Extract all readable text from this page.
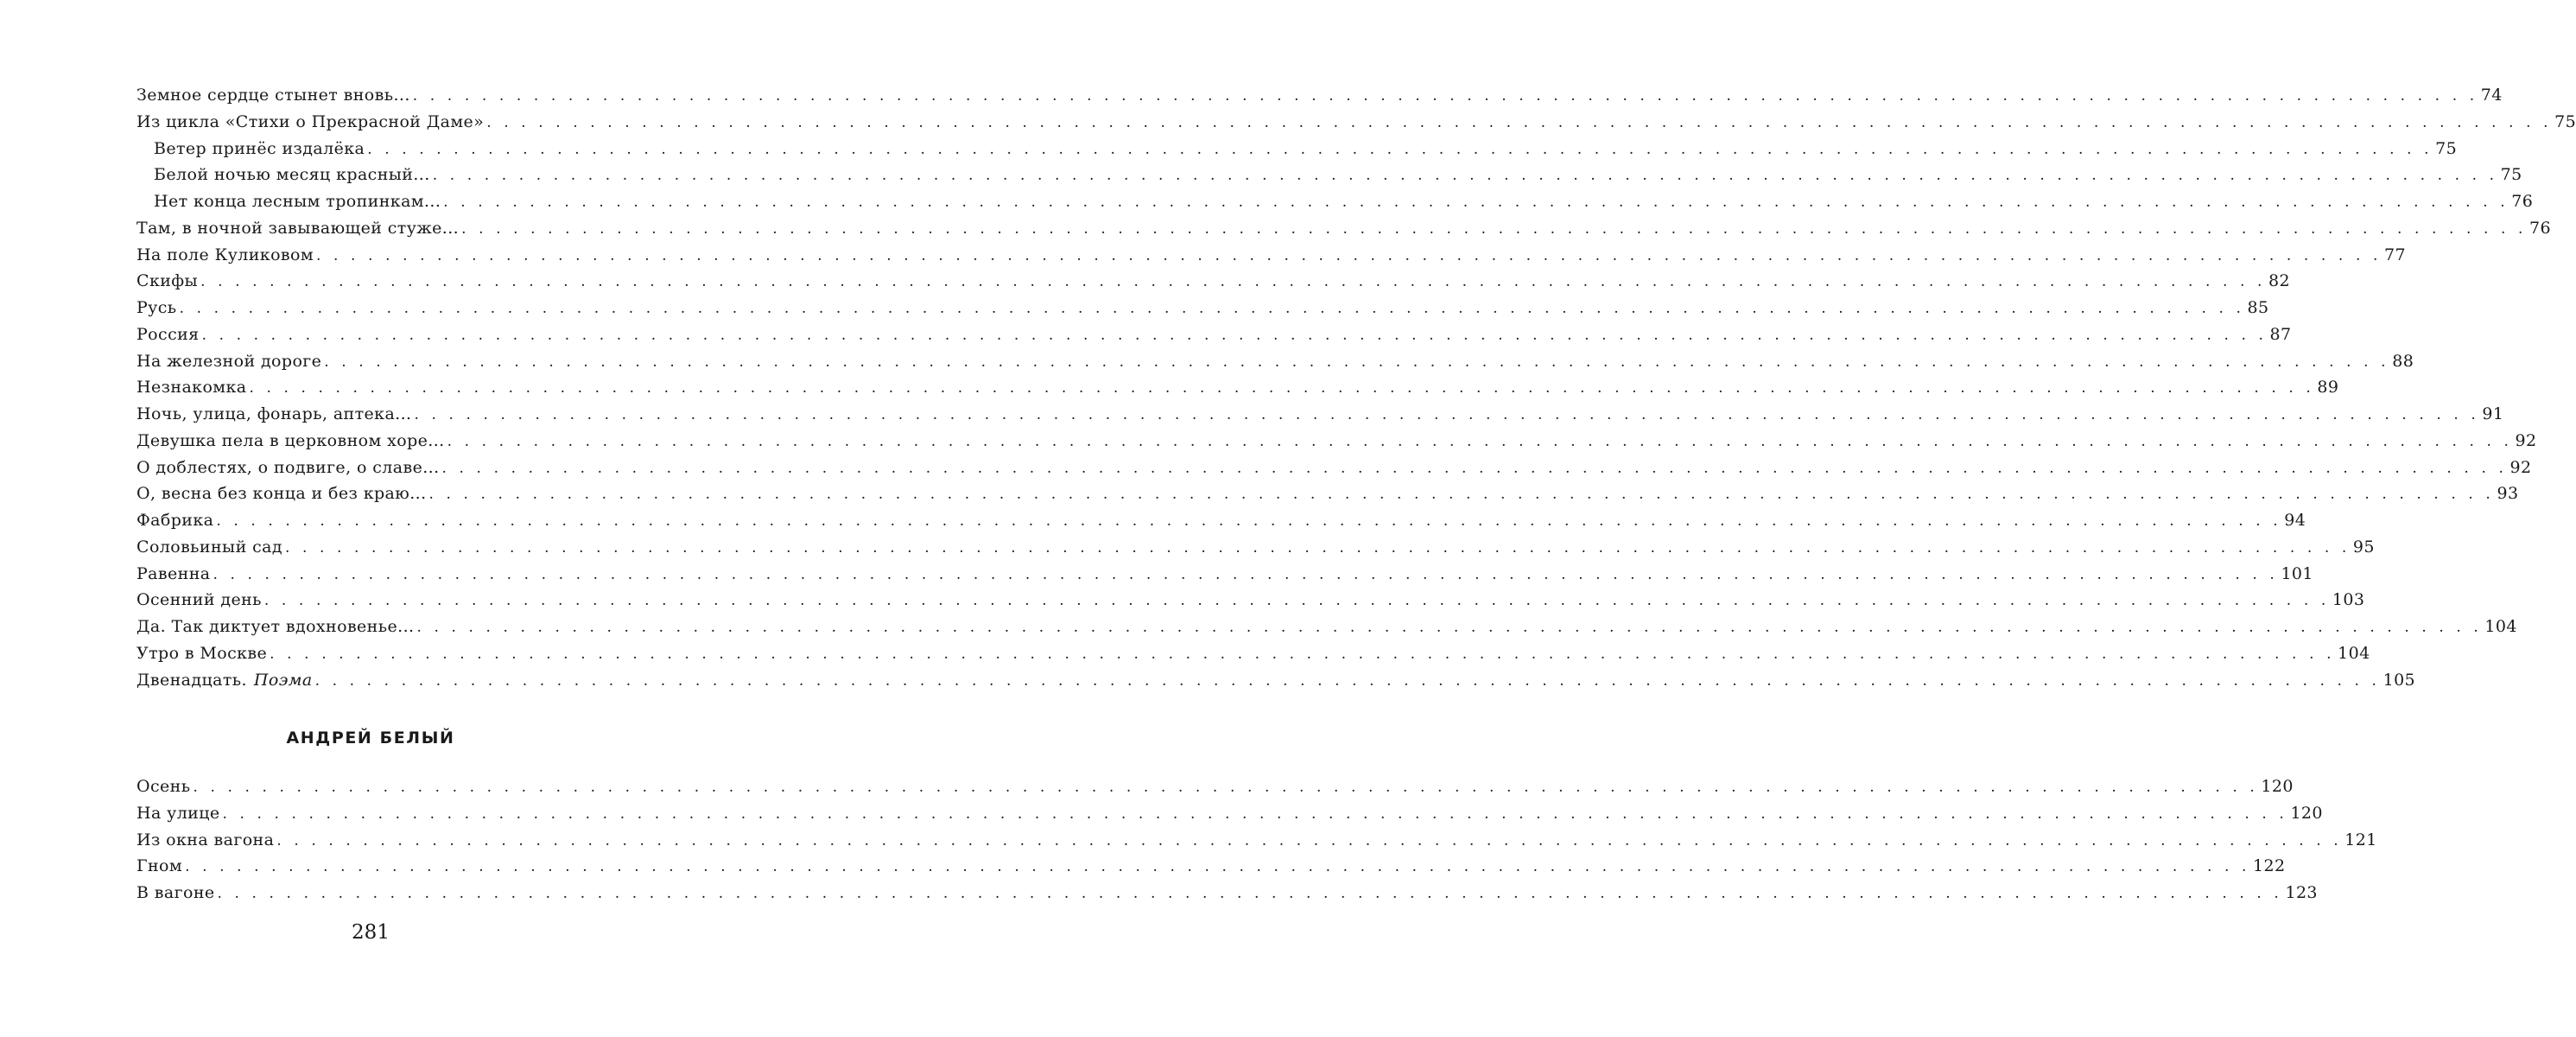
Земное сердце стынет вновь... . . . . . . . . . . . . . . . . . . . . . . . . . . . . . . . . . . . . . . . . . . . . . . . . . . . . . . . . . . . . . . . . . . . . . . . . . . . . . . . . . . . . . . . . . . . . . . . . . . . . . . . . . . . . . . . . . . . . . . . . 74
Из цикла «Стихи о Прекрасной Даме» . . . . . . . . . . . . . . . . . . . . . . . . . . . . . . . . . . . . . . . . . . . . . . . . . . . . . . . . . . . . . . . . . . . . . . . . . . . . . . . . . . . . . . . . . . . . . . . . . . . . . . . . . . . . . . . . . . . . . . . . 75
Ветер принёс издалёка . . . . . . . . . . . . . . . . . . . . . . . . . . . . . . . . . . . . . . . . . . . . . . . . . . . . . . . . . . . . . . . . . . . . . . . . . . . . . . . . . . . . . . . . . . . . . . . . . . . . . . . . . . . . . . . . . . . . . . . . 75
Белой ночью месяц красный... . . . . . . . . . . . . . . . . . . . . . . . . . . . . . . . . . . . . . . . . . . . . . . . . . . . . . . . . . . . . . . . . . . . . . . . . . . . . . . . . . . . . . . . . . . . . . . . . . . . . . . . . . . . . . . . . . . . . . . . . 75
Нет конца лесным тропинкам... . . . . . . . . . . . . . . . . . . . . . . . . . . . . . . . . . . . . . . . . . . . . . . . . . . . . . . . . . . . . . . . . . . . . . . . . . . . . . . . . . . . . . . . . . . . . . . . . . . . . . . . . . . . . . . . . . . . . . . . . 76
Там, в ночной завывающей стуже... . . . . . . . . . . . . . . . . . . . . . . . . . . . . . . . . . . . . . . . . . . . . . . . . . . . . . . . . . . . . . . . . . . . . . . . . . . . . . . . . . . . . . . . . . . . . . . . . . . . . . . . . . . . . . . . . . . . . . . . . 76
На поле Куликовом . . . . . . . . . . . . . . . . . . . . . . . . . . . . . . . . . . . . . . . . . . . . . . . . . . . . . . . . . . . . . . . . . . . . . . . . . . . . . . . . . . . . . . . . . . . . . . . . . . . . . . . . . . . . . . . . . . . . . . . . 77
Скифы . . . . . . . . . . . . . . . . . . . . . . . . . . . . . . . . . . . . . . . . . . . . . . . . . . . . . . . . . . . . . . . . . . . . . . . . . . . . . . . . . . . . . . . . . . . . . . . . . . . . . . . . . . . . . . . . . . . . . . . . 82
Русь . . . . . . . . . . . . . . . . . . . . . . . . . . . . . . . . . . . . . . . . . . . . . . . . . . . . . . . . . . . . . . . . . . . . . . . . . . . . . . . . . . . . . . . . . . . . . . . . . . . . . . . . . . . . . . . . . . . . . . . . 85
Россия . . . . . . . . . . . . . . . . . . . . . . . . . . . . . . . . . . . . . . . . . . . . . . . . . . . . . . . . . . . . . . . . . . . . . . . . . . . . . . . . . . . . . . . . . . . . . . . . . . . . . . . . . . . . . . . . . . . . . . . . 87
На железной дороге . . . . . . . . . . . . . . . . . . . . . . . . . . . . . . . . . . . . . . . . . . . . . . . . . . . . . . . . . . . . . . . . . . . . . . . . . . . . . . . . . . . . . . . . . . . . . . . . . . . . . . . . . . . . . . . . . . . . . . . . 88
Незнакомка . . . . . . . . . . . . . . . . . . . . . . . . . . . . . . . . . . . . . . . . . . . . . . . . . . . . . . . . . . . . . . . . . . . . . . . . . . . . . . . . . . . . . . . . . . . . . . . . . . . . . . . . . . . . . . . . . . . . . . . . 89
Ночь, улица, фонарь, аптека... . . . . . . . . . . . . . . . . . . . . . . . . . . . . . . . . . . . . . . . . . . . . . . . . . . . . . . . . . . . . . . . . . . . . . . . . . . . . . . . . . . . . . . . . . . . . . . . . . . . . . . . . . . . . . . . . . . . . . . . . 91
Девушка пела в церковном хоре... . . . . . . . . . . . . . . . . . . . . . . . . . . . . . . . . . . . . . . . . . . . . . . . . . . . . . . . . . . . . . . . . . . . . . . . . . . . . . . . . . . . . . . . . . . . . . . . . . . . . . . . . . . . . . . . . . . . . . . . . 92
О доблестях, о подвиге, о славе... . . . . . . . . . . . . . . . . . . . . . . . . . . . . . . . . . . . . . . . . . . . . . . . . . . . . . . . . . . . . . . . . . . . . . . . . . . . . . . . . . . . . . . . . . . . . . . . . . . . . . . . . . . . . . . . . . . . . . . . . 92
О, весна без конца и без краю... . . . . . . . . . . . . . . . . . . . . . . . . . . . . . . . . . . . . . . . . . . . . . . . . . . . . . . . . . . . . . . . . . . . . . . . . . . . . . . . . . . . . . . . . . . . . . . . . . . . . . . . . . . . . . . . . . . . . . . . . 93
Фабрика . . . . . . . . . . . . . . . . . . . . . . . . . . . . . . . . . . . . . . . . . . . . . . . . . . . . . . . . . . . . . . . . . . . . . . . . . . . . . . . . . . . . . . . . . . . . . . . . . . . . . . . . . . . . . . . . . . . . . . . . 94
Соловьиный сад . . . . . . . . . . . . . . . . . . . . . . . . . . . . . . . . . . . . . . . . . . . . . . . . . . . . . . . . . . . . . . . . . . . . . . . . . . . . . . . . . . . . . . . . . . . . . . . . . . . . . . . . . . . . . . . . . . . . . . . . 95
Равенна . . . . . . . . . . . . . . . . . . . . . . . . . . . . . . . . . . . . . . . . . . . . . . . . . . . . . . . . . . . . . . . . . . . . . . . . . . . . . . . . . . . . . . . . . . . . . . . . . . . . . . . . . . . . . . . . . . . . . . . . 101
Осенний день . . . . . . . . . . . . . . . . . . . . . . . . . . . . . . . . . . . . . . . . . . . . . . . . . . . . . . . . . . . . . . . . . . . . . . . . . . . . . . . . . . . . . . . . . . . . . . . . . . . . . . . . . . . . . . . . . . . . . . . . 103
Да. Так диктует вдохновенье... . . . . . . . . . . . . . . . . . . . . . . . . . . . . . . . . . . . . . . . . . . . . . . . . . . . . . . . . . . . . . . . . . . . . . . . . . . . . . . . . . . . . . . . . . . . . . . . . . . . . . . . . . . . . . . . . . . . . . . . . 104
Утро в Москве . . . . . . . . . . . . . . . . . . . . . . . . . . . . . . . . . . . . . . . . . . . . . . . . . . . . . . . . . . . . . . . . . . . . . . . . . . . . . . . . . . . . . . . . . . . . . . . . . . . . . . . . . . . . . . . . . . . . . . . . 104
Двенадцать. Поэма . . . . . . . . . . . . . . . . . . . . . . . . . . . . . . . . . . . . . . . . . . . . . . . . . . . . . . . . . . . . . . . . . . . . . . . . . . . . . . . . . . . . . . . . . . . . . . . . . . . . . . . . . . . . . . . . . . . . . . . . 105
АНДРЕЙ БЕЛЫЙ
Осень . . . . . . . . . . . . . . . . . . . . . . . . . . . . . . . . . . . . . . . . . . . . . . . . . . . . . . . . . . . . . . . . . . . . . . . . . . . . . . . . . . . . . . . . . . . . . . . . . . . . . . . . . . . . . . . . . . . . . . . . 120
На улице . . . . . . . . . . . . . . . . . . . . . . . . . . . . . . . . . . . . . . . . . . . . . . . . . . . . . . . . . . . . . . . . . . . . . . . . . . . . . . . . . . . . . . . . . . . . . . . . . . . . . . . . . . . . . . . . . . . . . . . . 120
Из окна вагона . . . . . . . . . . . . . . . . . . . . . . . . . . . . . . . . . . . . . . . . . . . . . . . . . . . . . . . . . . . . . . . . . . . . . . . . . . . . . . . . . . . . . . . . . . . . . . . . . . . . . . . . . . . . . . . . . . . . . . . . 121
Гном . . . . . . . . . . . . . . . . . . . . . . . . . . . . . . . . . . . . . . . . . . . . . . . . . . . . . . . . . . . . . . . . . . . . . . . . . . . . . . . . . . . . . . . . . . . . . . . . . . . . . . . . . . . . . . . . . . . . . . . . 122
В вагоне . . . . . . . . . . . . . . . . . . . . . . . . . . . . . . . . . . . . . . . . . . . . . . . . . . . . . . . . . . . . . . . . . . . . . . . . . . . . . . . . . . . . . . . . . . . . . . . . . . . . . . . . . . . . . . . . . . . . . . . . 123
281
